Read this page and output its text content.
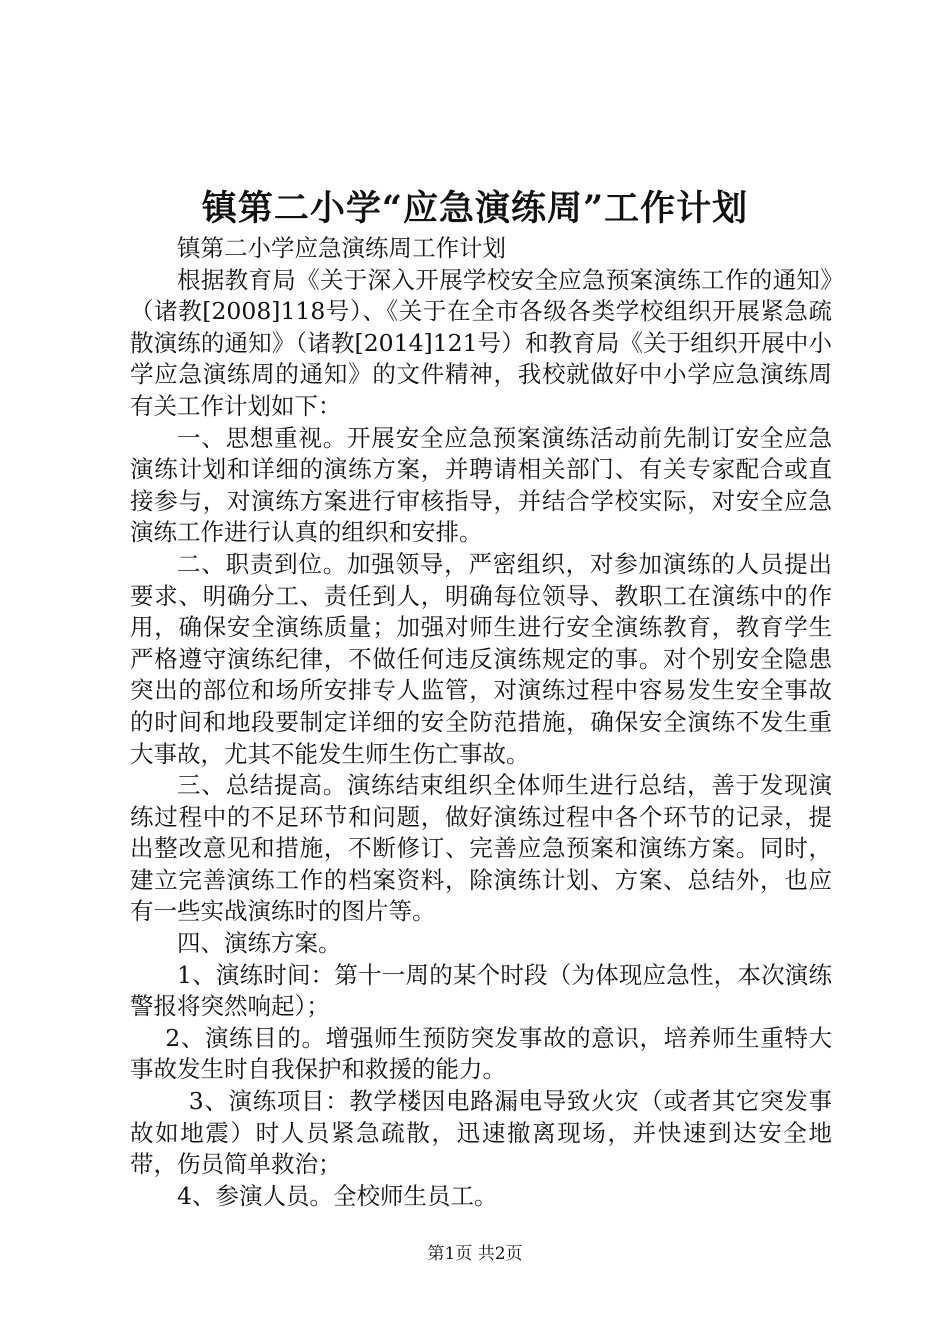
镇第二小学“应急演练周”工作计划

镇第二小学应急演练周工作计划

根据教育局《关于深入开展学校安全应急预案演练工作的通知》（诸教[2008]118号）、《关于在全市各级各类学校组织开展紧急疏散演练的通知》（诸教[2014]121号）和教育局《关于组织开展中小学应急演练周的通知》的文件精神，我校就做好中小学应急演练周有关工作计划如下：

一、思想重视。开展安全应急预案演练活动前先制订安全应急演练计划和详细的演练方案，并聘请相关部门、有关专家配合或直接参与，对演练方案进行审核指导，并结合学校实际，对安全应急演练工作进行认真的组织和安排。

二、职责到位。加强领导，严密组织，对参加演练的人员提出要求、明确分工、责任到人，明确每位领导、教职工在演练中的作用，确保安全演练质量；加强对师生进行安全演练教育，教育学生严格遵守演练纪律，不做任何违反演练规定的事。对个别安全隐患突出的部位和场所安排专人监管，对演练过程中容易发生安全事故的时间和地段要制定详细的安全防范措施，确保安全演练不发生重大事故，尤其不能发生师生伤亡事故。

三、总结提高。演练结束组织全体师生进行总结，善于发现演练过程中的不足环节和问题，做好演练过程中各个环节的记录，提出整改意见和措施，不断修订、完善应急预案和演练方案。同时，建立完善演练工作的档案资料，除演练计划、方案、总结外，也应有一些实战演练时的图片等。

四、演练方案。

1、演练时间：第十一周的某个时段（为体现应急性，本次演练警报将突然响起）；

2、演练目的。增强师生预防突发事故的意识，培养师生重特大事故发生时自我保护和救援的能力。

3、演练项目：教学楼因电路漏电导致火灾（或者其它突发事故如地震）时人员紧急疏散，迅速撤离现场，并快速到达安全地带，伤员简单救治；

4、参演人员。全校师生员工。

第1页 共2页
